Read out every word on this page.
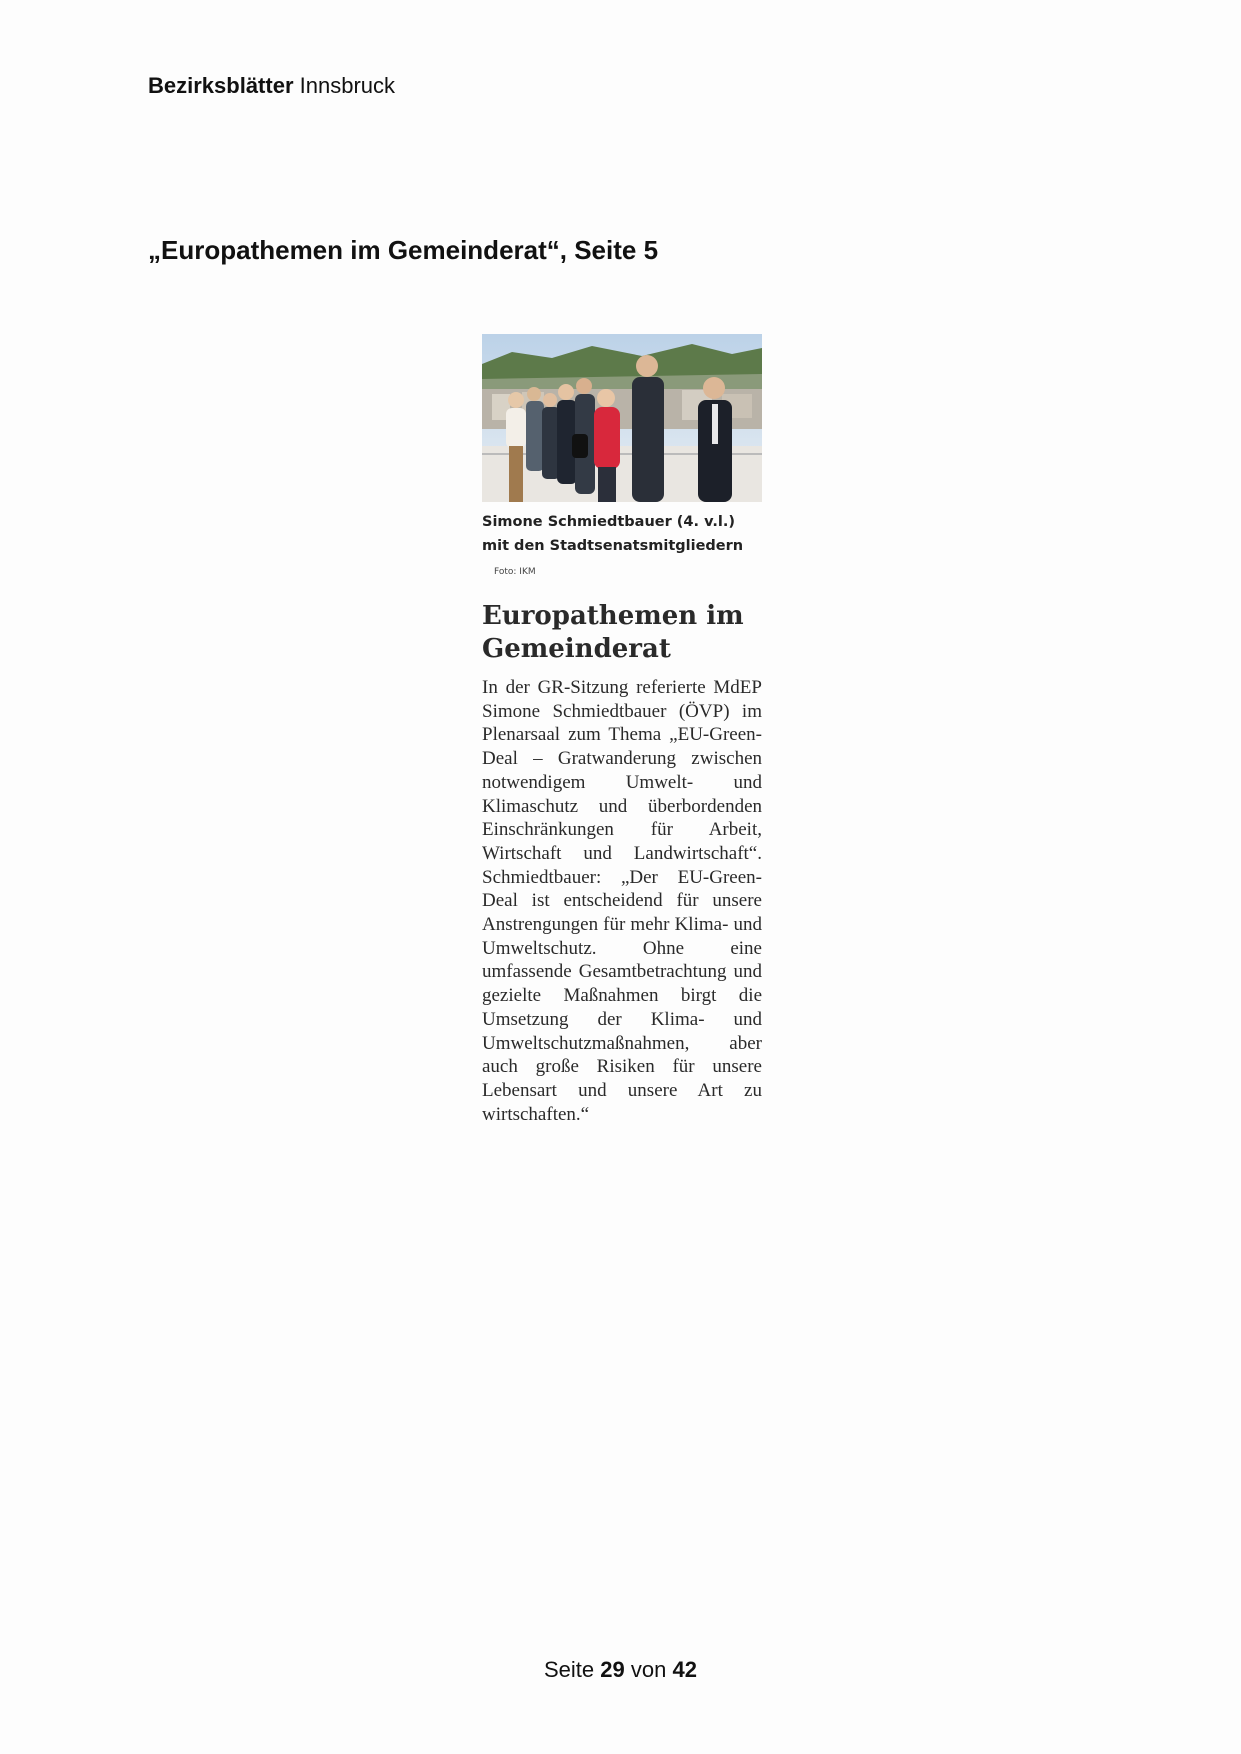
Bezirksblätter Innsbruck
„Europathemen im Gemeinderat“, Seite 5
Simone Schmiedtbauer (4. v.l.) mit den Stadtsenatsmitgliedern Foto: IKM
Europathemen im Gemeinderat
In der GR-Sitzung referierte MdEP Simone Schmiedtbauer (ÖVP) im Plenarsaal zum Thema „EU-Green-Deal – Gratwanderung zwischen notwendigem Umwelt- und Klimaschutz und überbordenden Einschränkungen für Arbeit, Wirtschaft und Landwirtschaft“. Schmiedtbauer: „Der EU-Green-Deal ist entscheidend für unsere Anstrengungen für mehr Klima- und Umweltschutz. Ohne eine umfassende Gesamtbetrachtung und gezielte Maßnahmen birgt die Umsetzung der Klima- und Umweltschutzmaßnahmen, aber auch große Risiken für unsere Lebensart und unsere Art zu wirtschaften.“
Seite 29 von 42
